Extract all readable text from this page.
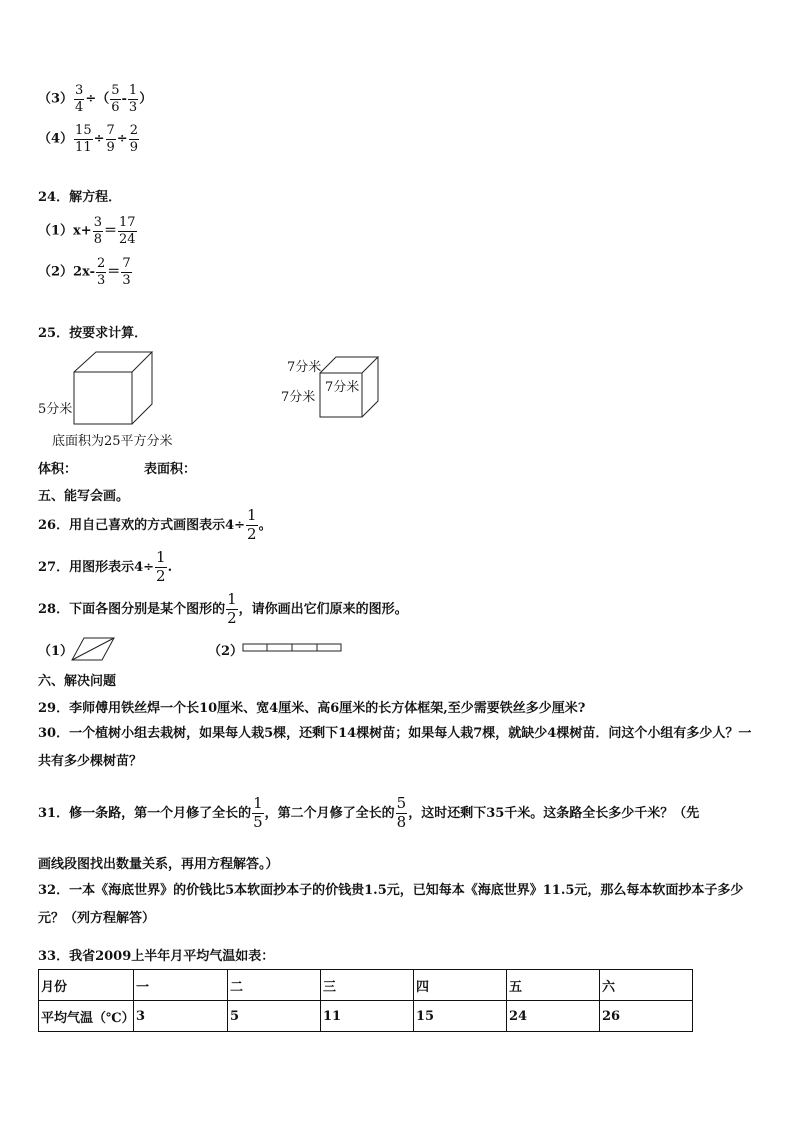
$(3) \frac{3}{4}$ ÷（ $\frac{5}{6} - \frac{1}{3}$ ）
$(4) \frac{15}{11} \div \frac{7}{9} \div \frac{2}{9}$
24．解方程．
$(1)x+ \frac{3}{8} = \frac{17}{24}$
$(2)2x- \frac{2}{3} = \frac{7}{3}$
25．按要求计算．
5分米
底面积为25平方分米
7分米
7分米
7分米
体积：	表面积：
五、能写会画。
26．用自己喜欢的方式画图表示$4\div \frac{1}{2}$ 。
27．用图形表示$4\div \frac{1}{2}$ .
28．下面各图分别是某个图形的 $\frac{1}{2}$ ，请你画出它们原来的图形。
（1）	（2）
六、解决问题
29．李师傅用铁丝焊一个长10厘米、宽4厘米、高6厘米的长方体框架,至少需要铁丝多少厘米?
30．一个植树小组去栽树，如果每人栽5棵，还剩下14棵树苗；如果每人栽7棵，就缺少4棵树苗．问这个小组有多少人？一共有多少棵树苗？
31．修一条路，第一个月修了全长的 $\frac{1}{5}$ ，第二个月修了全长的 $\frac{5}{8}$ ，这时还剩下35千米。这条路全长多少千米？（先
画线段图找出数量关系，再用方程解答。）
32．一本《海底世界》的价钱比5本软面抄本子的价钱贵1.5元，已知每本《海底世界》11.5元，那么每本软面抄本子多少元？（列方程解答）
33．我省2009上半年月平均气温如表：
月份	一	二	三	四	五	六
平均气温（℃）	3	5	11	15	24	26
